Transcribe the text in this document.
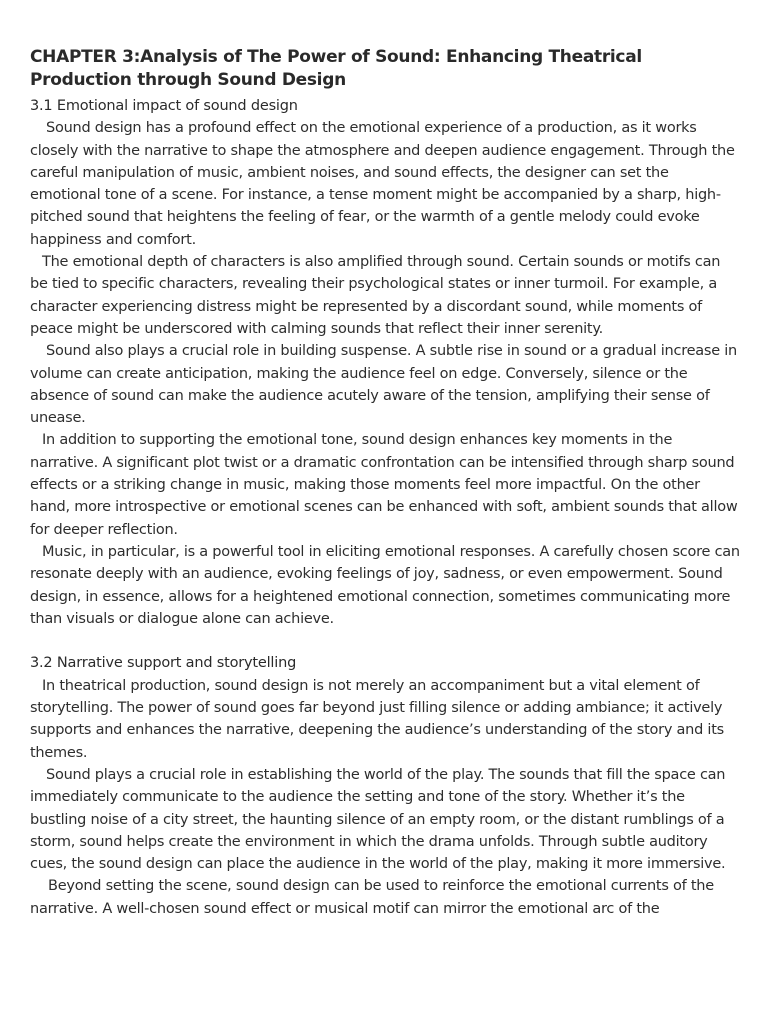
CHAPTER 3:Analysis of The Power of Sound: Enhancing Theatrical Production through Sound Design

3.1 Emotional impact of sound design

Sound design has a profound effect on the emotional experience of a production, as it works closely with the narrative to shape the atmosphere and deepen audience engagement. Through the careful manipulation of music, ambient noises, and sound effects, the designer can set the emotional tone of a scene. For instance, a tense moment might be accompanied by a sharp, high-pitched sound that heightens the feeling of fear, or the warmth of a gentle melody could evoke happiness and comfort.

The emotional depth of characters is also amplified through sound. Certain sounds or motifs can be tied to specific characters, revealing their psychological states or inner turmoil. For example, a character experiencing distress might be represented by a discordant sound, while moments of peace might be underscored with calming sounds that reflect their inner serenity.

Sound also plays a crucial role in building suspense. A subtle rise in sound or a gradual increase in volume can create anticipation, making the audience feel on edge. Conversely, silence or the absence of sound can make the audience acutely aware of the tension, amplifying their sense of unease.

In addition to supporting the emotional tone, sound design enhances key moments in the narrative. A significant plot twist or a dramatic confrontation can be intensified through sharp sound effects or a striking change in music, making those moments feel more impactful. On the other hand, more introspective or emotional scenes can be enhanced with soft, ambient sounds that allow for deeper reflection.

Music, in particular, is a powerful tool in eliciting emotional responses. A carefully chosen score can resonate deeply with an audience, evoking feelings of joy, sadness, or even empowerment. Sound design, in essence, allows for a heightened emotional connection, sometimes communicating more than visuals or dialogue alone can achieve.

3.2 Narrative support and storytelling

In theatrical production, sound design is not merely an accompaniment but a vital element of storytelling. The power of sound goes far beyond just filling silence or adding ambiance; it actively supports and enhances the narrative, deepening the audience’s understanding of the story and its themes.

Sound plays a crucial role in establishing the world of the play. The sounds that fill the space can immediately communicate to the audience the setting and tone of the story. Whether it’s the bustling noise of a city street, the haunting silence of an empty room, or the distant rumblings of a storm, sound helps create the environment in which the drama unfolds. Through subtle auditory cues, the sound design can place the audience in the world of the play, making it more immersive.

Beyond setting the scene, sound design can be used to reinforce the emotional currents of the narrative. A well-chosen sound effect or musical motif can mirror the emotional arc of the
